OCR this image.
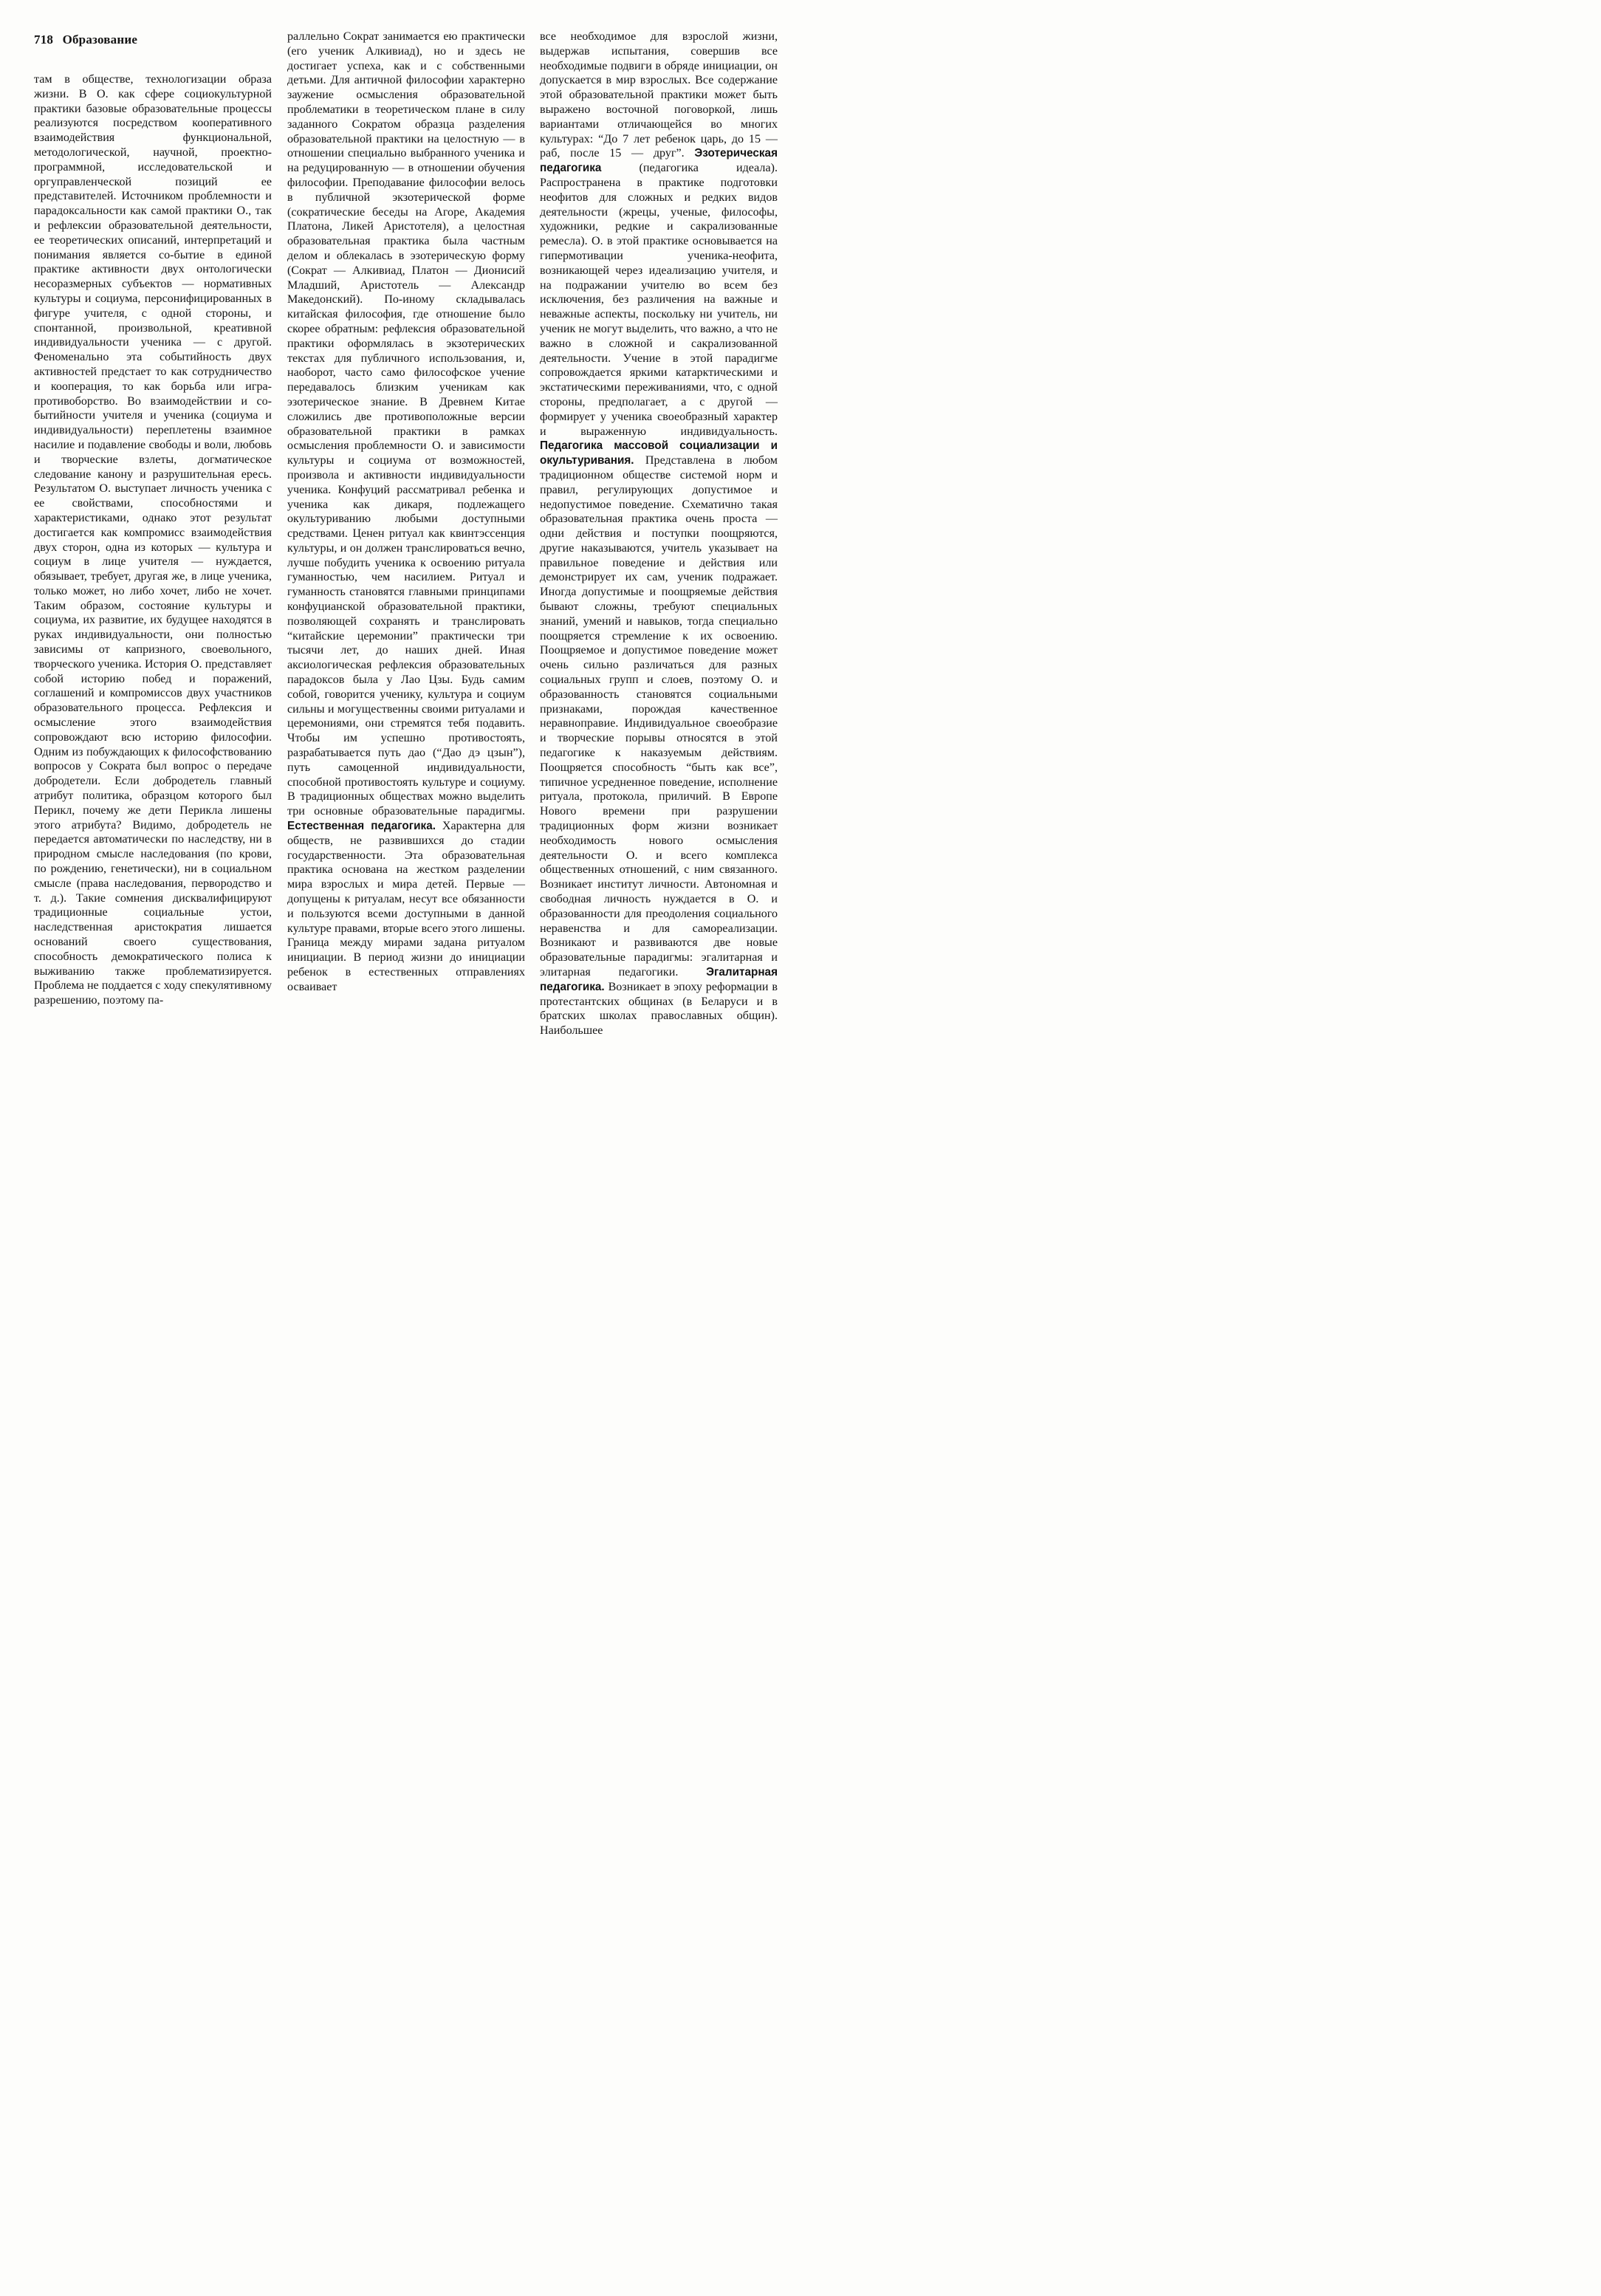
718 Образование

там в обществе, технологизации образа жизни. В О. как сфере социокультурной практики базовые образовательные процессы реализуются посредством кооперативного взаимодействия функциональной, методологической, научной, проектно-программной, исследовательской и оргуправленческой позиций ее представителей. Источником проблемности и парадоксальности как самой практики О., так и рефлексии образовательной деятельности, ее теоретических описаний, интерпретаций и понимания является со-бытие в единой практике активности двух онтологически несоразмерных субъектов — нормативных культуры и социума, персонифицированных в фигуре учителя, с одной стороны, и спонтанной, произвольной, креативной индивидуальности ученика — с другой. Феноменально эта событийность двух активностей предстает то как сотрудничество и кооперация, то как борьба или игра-противоборство. Во взаимодействии и со-бытийности учителя и ученика (социума и индивидуальности) переплетены взаимное насилие и подавление свободы и воли, любовь и творческие взлеты, догматическое следование канону и разрушительная ересь. Результатом О. выступает личность ученика с ее свойствами, способностями и характеристиками, однако этот результат достигается как компромисс взаимодействия двух сторон, одна из которых — культура и социум в лице учителя — нуждается, обязывает, требует, другая же, в лице ученика, только может, но либо хочет, либо не хочет. Таким образом, состояние культуры и социума, их развитие, их будущее находятся в руках индивидуальности, они полностью зависимы от капризного, своевольного, творческого ученика. История О. представляет собой историю побед и поражений, соглашений и компромиссов двух участников образовательного процесса. Рефлексия и осмысление этого взаимодействия сопровождают всю историю философии. Одним из побуждающих к философствованию вопросов у Сократа был вопрос о передаче добродетели. Если добродетель главный атрибут политика, образцом которого был Перикл, почему же дети Перикла лишены этого атрибута? Видимо, добродетель не передается автоматически по наследству, ни в природном смысле наследования (по крови, по рождению, генетически), ни в социальном смысле (права наследования, первородство и т. д.). Такие сомнения дисквалифицируют традиционные социальные устои, наследственная аристократия лишается оснований своего существования, способность демократического полиса к выживанию также проблематизируется. Проблема не поддается с ходу спекулятивному разрешению, поэтому па-

раллельно Сократ занимается ею практически (его ученик Алкивиад), но и здесь не достигает успеха, как и с собственными детьми. Для античной философии характерно заужение осмысления образовательной проблематики в теоретическом плане в силу заданного Сократом образца разделения образовательной практики на целостную — в отношении специально выбранного ученика и на редуцированную — в отношении обучения философии. Преподавание философии велось в публичной экзотерической форме (сократические беседы на Агоре, Академия Платона, Ликей Аристотеля), а целостная образовательная практика была частным делом и облекалась в эзотерическую форму (Сократ — Алкивиад, Платон — Дионисий Младший, Аристотель — Александр Македонский). По-иному складывалась китайская философия, где отношение было скорее обратным: рефлексия образовательной практики оформлялась в экзотерических текстах для публичного использования, и, наоборот, часто само философское учение передавалось близким ученикам как эзотерическое знание. В Древнем Китае сложились две противоположные версии образовательной практики в рамках осмысления проблемности О. и зависимости культуры и социума от возможностей, произвола и активности индивидуальности ученика. Конфуций рассматривал ребенка и ученика как дикаря, подлежащего окультуриванию любыми доступными средствами. Ценен ритуал как квинтэссенция культуры, и он должен транслироваться вечно, лучше побудить ученика к освоению ритуала гуманностью, чем насилием. Ритуал и гуманность становятся главными принципами конфуцианской образовательной практики, позволяющей сохранять и транслировать “китайские церемонии” практически три тысячи лет, до наших дней. Иная аксиологическая рефлексия образовательных парадоксов была у Лао Цзы. Будь самим собой, говорится ученику, культура и социум сильны и могущественны своими ритуалами и церемониями, они стремятся тебя подавить. Чтобы им успешно противостоять, разрабатывается путь дао (“Дао дэ цзын”), путь самоценной индивидуальности, способной противостоять культуре и социуму. В традиционных обществах можно выделить три основные образовательные парадигмы. Естественная педагогика. Характерна для обществ, не развившихся до стадии государственности. Эта образовательная практика основана на жестком разделении мира взрослых и мира детей. Первые — допущены к ритуалам, несут все обязанности и пользуются всеми доступными в данной культуре правами, вторые всего этого лишены. Граница между мирами задана ритуалом инициации. В период жизни до инициации ребенок в естественных отправлениях осваивает

все необходимое для взрослой жизни, выдержав испытания, совершив все необходимые подвиги в обряде инициации, он допускается в мир взрослых. Все содержание этой образовательной практики может быть выражено восточной поговоркой, лишь вариантами отличающейся во многих культурах: “До 7 лет ребенок царь, до 15 — раб, после 15 — друг”. Эзотерическая педагогика (педагогика идеала). Распространена в практике подготовки неофитов для сложных и редких видов деятельности (жрецы, ученые, философы, художники, редкие и сакрализованные ремесла). О. в этой практике основывается на гипермотивации ученика-неофита, возникающей через идеализацию учителя, и на подражании учителю во всем без исключения, без различения на важные и неважные аспекты, поскольку ни учитель, ни ученик не могут выделить, что важно, а что не важно в сложной и сакрализованной деятельности. Учение в этой парадигме сопровождается яркими катарктическими и экстатическими переживаниями, что, с одной стороны, предполагает, а с другой — формирует у ученика своеобразный характер и выраженную индивидуальность. Педагогика массовой социализации и окультуривания. Представлена в любом традиционном обществе системой норм и правил, регулирующих допустимое и недопустимое поведение. Схематично такая образовательная практика очень проста — одни действия и поступки поощряются, другие наказываются, учитель указывает на правильное поведение и действия или демонстрирует их сам, ученик подражает. Иногда допустимые и поощряемые действия бывают сложны, требуют специальных знаний, умений и навыков, тогда специально поощряется стремление к их освоению. Поощряемое и допустимое поведение может очень сильно различаться для разных социальных групп и слоев, поэтому О. и образованность становятся социальными признаками, порождая качественное неравноправие. Индивидуальное своеобразие и творческие порывы относятся в этой педагогике к наказуемым действиям. Поощряется способность “быть как все”, типичное усредненное поведение, исполнение ритуала, протокола, приличий. В Европе Нового времени при разрушении традиционных форм жизни возникает необходимость нового осмысления деятельности О. и всего комплекса общественных отношений, с ним связанного. Возникает институт личности. Автономная и свободная личность нуждается в О. и образованности для преодоления социального неравенства и для самореализации. Возникают и развиваются две новые образовательные парадигмы: эгалитарная и элитарная педагогики. Эгалитарная педагогика. Возникает в эпоху реформации в протестантских общинах (в Беларуси и в братских школах православных общин). Наибольшее
